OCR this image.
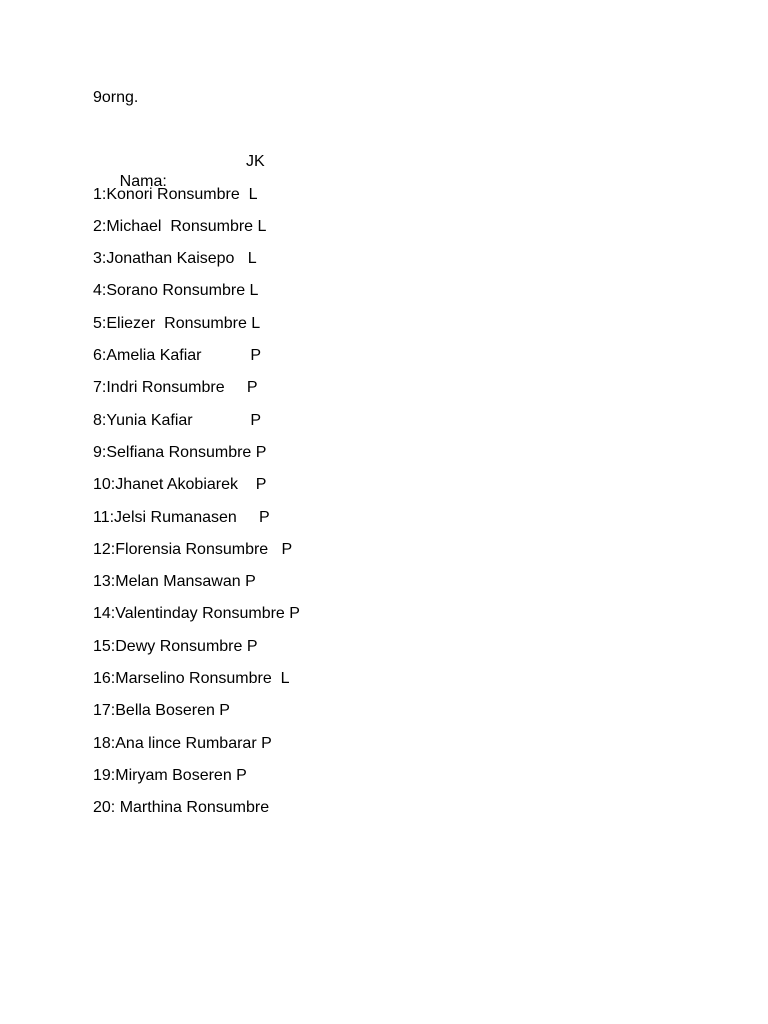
9orng.

Nama:

JK

1:Konori Ronsumbre  L
2:Michael  Ronsumbre L
3:Jonathan Kaisepo   L
4:Sorano Ronsumbre L
5:Eliezer  Ronsumbre L
6:Amelia Kafiar           P
7:Indri Ronsumbre     P
8:Yunia Kafiar             P
9:Selfiana Ronsumbre P
10:Jhanet Akobiarek    P
11:Jelsi Rumanasen     P
12:Florensia Ronsumbre   P
13:Melan Mansawan P
14:Valentinday Ronsumbre P
15:Dewy Ronsumbre P
16:Marselino Ronsumbre  L
17:Bella Boseren P
18:Ana lince Rumbarar P
19:Miryam Boseren P
20: Marthina Ronsumbre
